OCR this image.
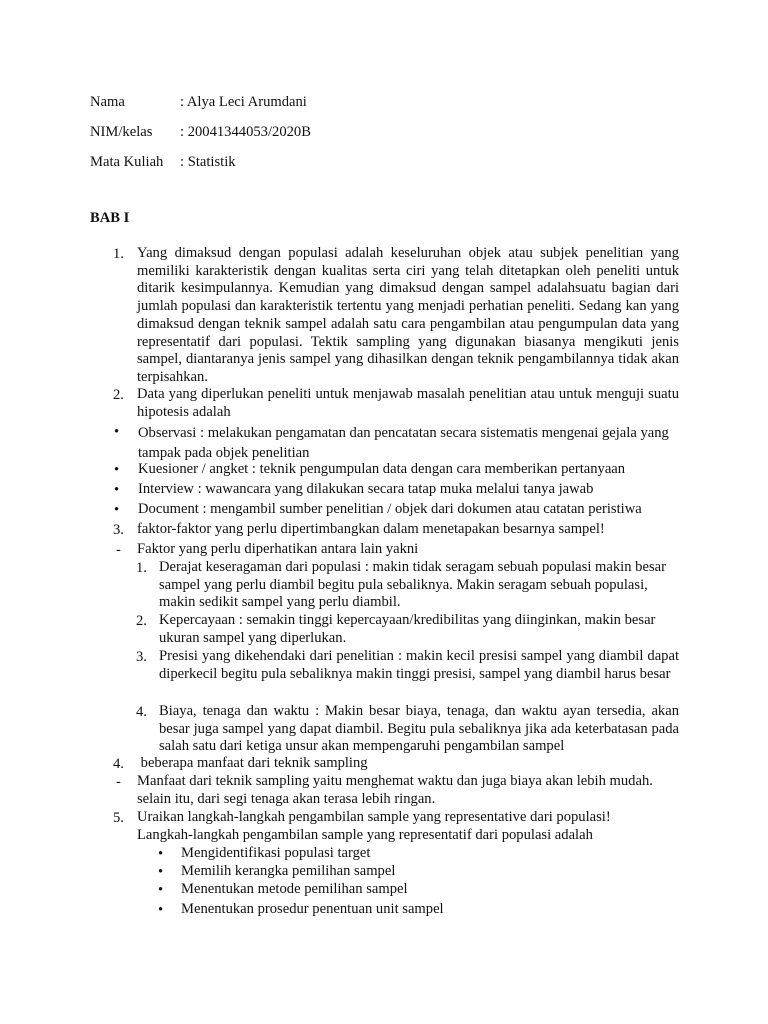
Nama	: Alya Leci Arumdani
NIM/kelas : 20041344053/2020B
Mata Kuliah : Statistik
BAB I
1. Yang dimaksud dengan populasi adalah keseluruhan objek atau subjek penelitian yang memiliki karakteristik dengan kualitas serta ciri yang telah ditetapkan oleh peneliti untuk ditarik kesimpulannya. Kemudian yang dimaksud dengan sampel adalahsuatu bagian dari jumlah populasi dan karakteristik tertentu yang menjadi perhatian peneliti. Sedang kan yang dimaksud dengan teknik sampel adalah satu cara pengambilan atau pengumpulan data yang representatif dari populasi. Tektik sampling yang digunakan biasanya mengikuti jenis sampel, diantaranya jenis sampel yang dihasilkan dengan teknik pengambilannya tidak akan terpisahkan.
2. Data yang diperlukan peneliti untuk menjawab masalah penelitian atau untuk menguji suatu hipotesis adalah
• Observasi : melakukan pengamatan dan pencatatan secara sistematis mengenai gejala yang tampak pada objek penelitian
• Kuesioner / angket : teknik pengumpulan data dengan cara memberikan pertanyaan
• Interview : wawancara yang dilakukan secara tatap muka melalui tanya jawab
• Document : mengambil sumber penelitian / objek dari dokumen atau catatan peristiwa
3. faktor-faktor yang perlu dipertimbangkan dalam menetapakan besarnya sampel!
- Faktor yang perlu diperhatikan antara lain yakni
1. Derajat keseragaman dari populasi : makin tidak seragam sebuah populasi makin besar sampel yang perlu diambil begitu pula sebaliknya. Makin seragam sebuah populasi, makin sedikit sampel yang perlu diambil.
2. Kepercayaan : semakin tinggi kepercayaan/kredibilitas yang diinginkan, makin besar ukuran sampel yang diperlukan.
3. Presisi yang dikehendaki dari penelitian : makin kecil presisi sampel yang diambil dapat diperkecil begitu pula sebaliknya makin tinggi presisi, sampel yang diambil harus besar
4. Biaya, tenaga dan waktu : Makin besar biaya, tenaga, dan waktu ayan tersedia, akan besar juga sampel yang dapat diambil. Begitu pula sebaliknya jika ada keterbatasan pada salah satu dari ketiga unsur akan mempengaruhi pengambilan sampel
4. beberapa manfaat dari teknik sampling
- Manfaat dari teknik sampling yaitu menghemat waktu dan juga biaya akan lebih mudah. selain itu, dari segi tenaga akan terasa lebih ringan.
5. Uraikan langkah-langkah pengambilan sample yang representative dari populasi!
Langkah-langkah pengambilan sample yang representatif dari populasi adalah
• Mengidentifikasi populasi target
• Memilih kerangka pemilihan sampel
• Menentukan metode pemilihan sampel
• Menentukan prosedur penentuan unit sampel
